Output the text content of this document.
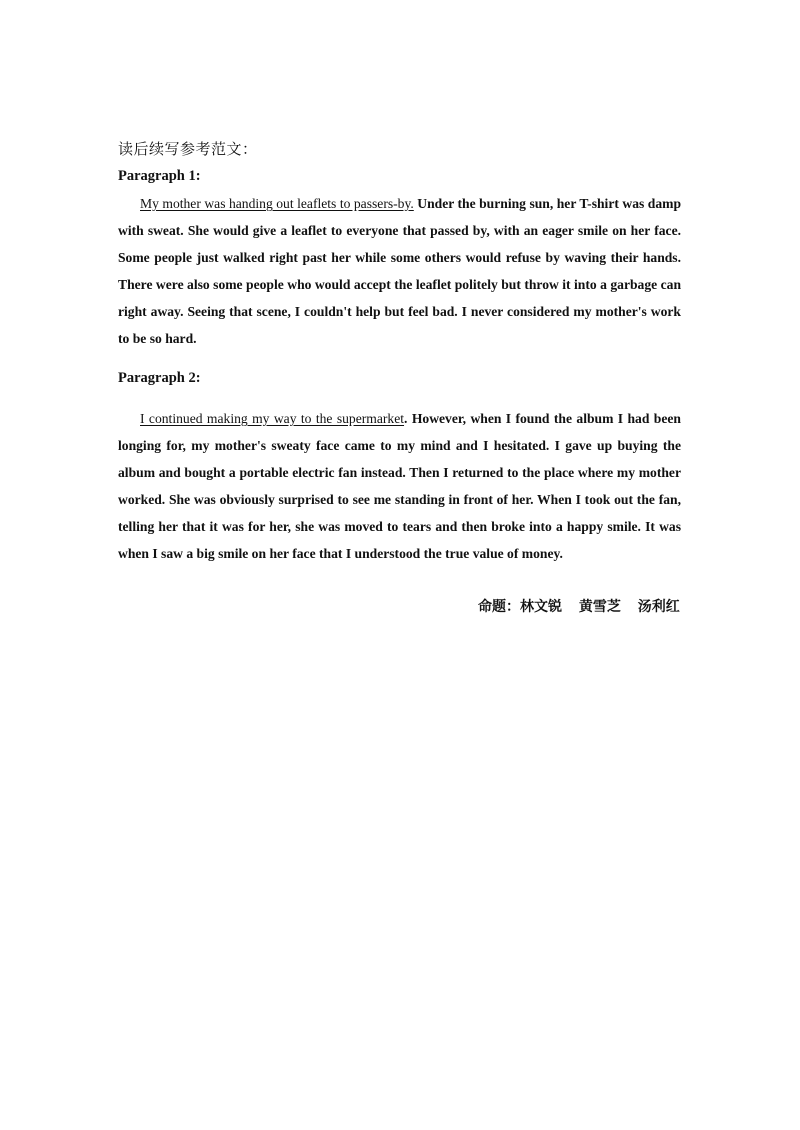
读后续写参考范文：
Paragraph 1:
My mother was handing out leaflets to passers-by. Under the burning sun, her T-shirt was damp with sweat. She would give a leaflet to everyone that passed by, with an eager smile on her face. Some people just walked right past her while some others would refuse by waving their hands. There were also some people who would accept the leaflet politely but throw it into a garbage can right away. Seeing that scene, I couldn't help but feel bad. I never considered my mother's work to be so hard.
Paragraph 2:
I continued making my way to the supermarket. However, when I found the album I had been longing for, my mother's sweaty face came to my mind and I hesitated. I gave up buying the album and bought a portable electric fan instead. Then I returned to the place where my mother worked. She was obviously surprised to see me standing in front of her. When I took out the fan, telling her that it was for her, she was moved to tears and then broke into a happy smile. It was when I saw a big smile on her face that I understood the true value of money.
命题：林文锐 黄雪芝 汤利红
